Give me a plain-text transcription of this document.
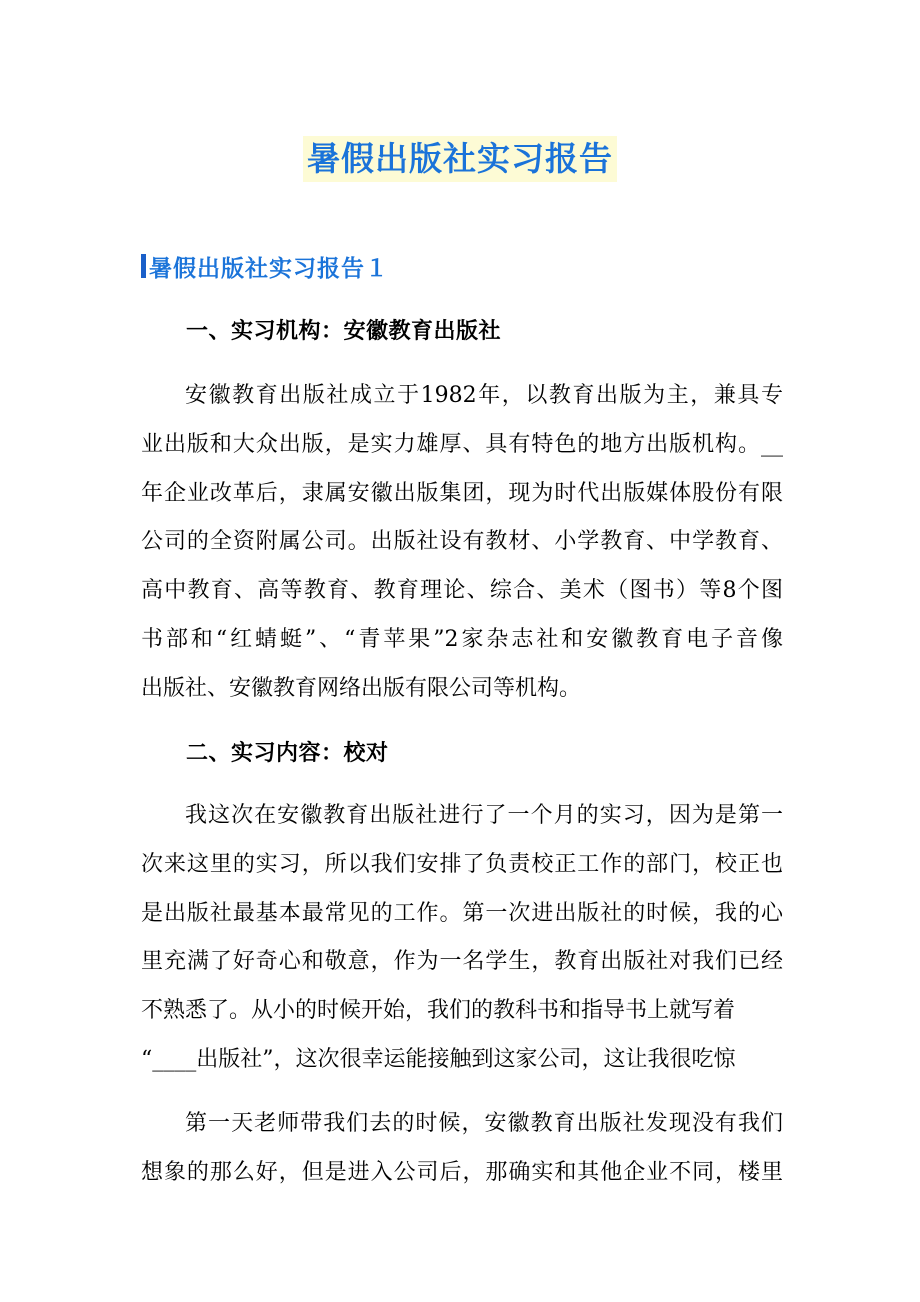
暑假出版社实习报告
暑假出版社实习报告１
一、实习机构：安徽教育出版社
安徽教育出版社成立于1982年，以教育出版为主，兼具专
业出版和大众出版，是实力雄厚、具有特色的地方出版机构。__
年企业改革后，隶属安徽出版集团，现为时代出版媒体股份有限
公司的全资附属公司。出版社设有教材、小学教育、中学教育、
高中教育、高等教育、教育理论、综合、美术（图书）等8个图
书部和“红蜻蜓”、“青苹果”2家杂志社和安徽教育电子音像
出版社、安徽教育网络出版有限公司等机构。
二、实习内容：校对
我这次在安徽教育出版社进行了一个月的实习，因为是第一
次来这里的实习，所以我们安排了负责校正工作的部门，校正也
是出版社最基本最常见的工作。第一次进出版社的时候，我的心
里充满了好奇心和敬意，作为一名学生，教育出版社对我们已经
不熟悉了。从小的时候开始，我们的教科书和指导书上就写着
“____出版社”，这次很幸运能接触到这家公司，这让我很吃惊
第一天老师带我们去的时候，安徽教育出版社发现没有我们
想象的那么好，但是进入公司后，那确实和其他企业不同，楼里
